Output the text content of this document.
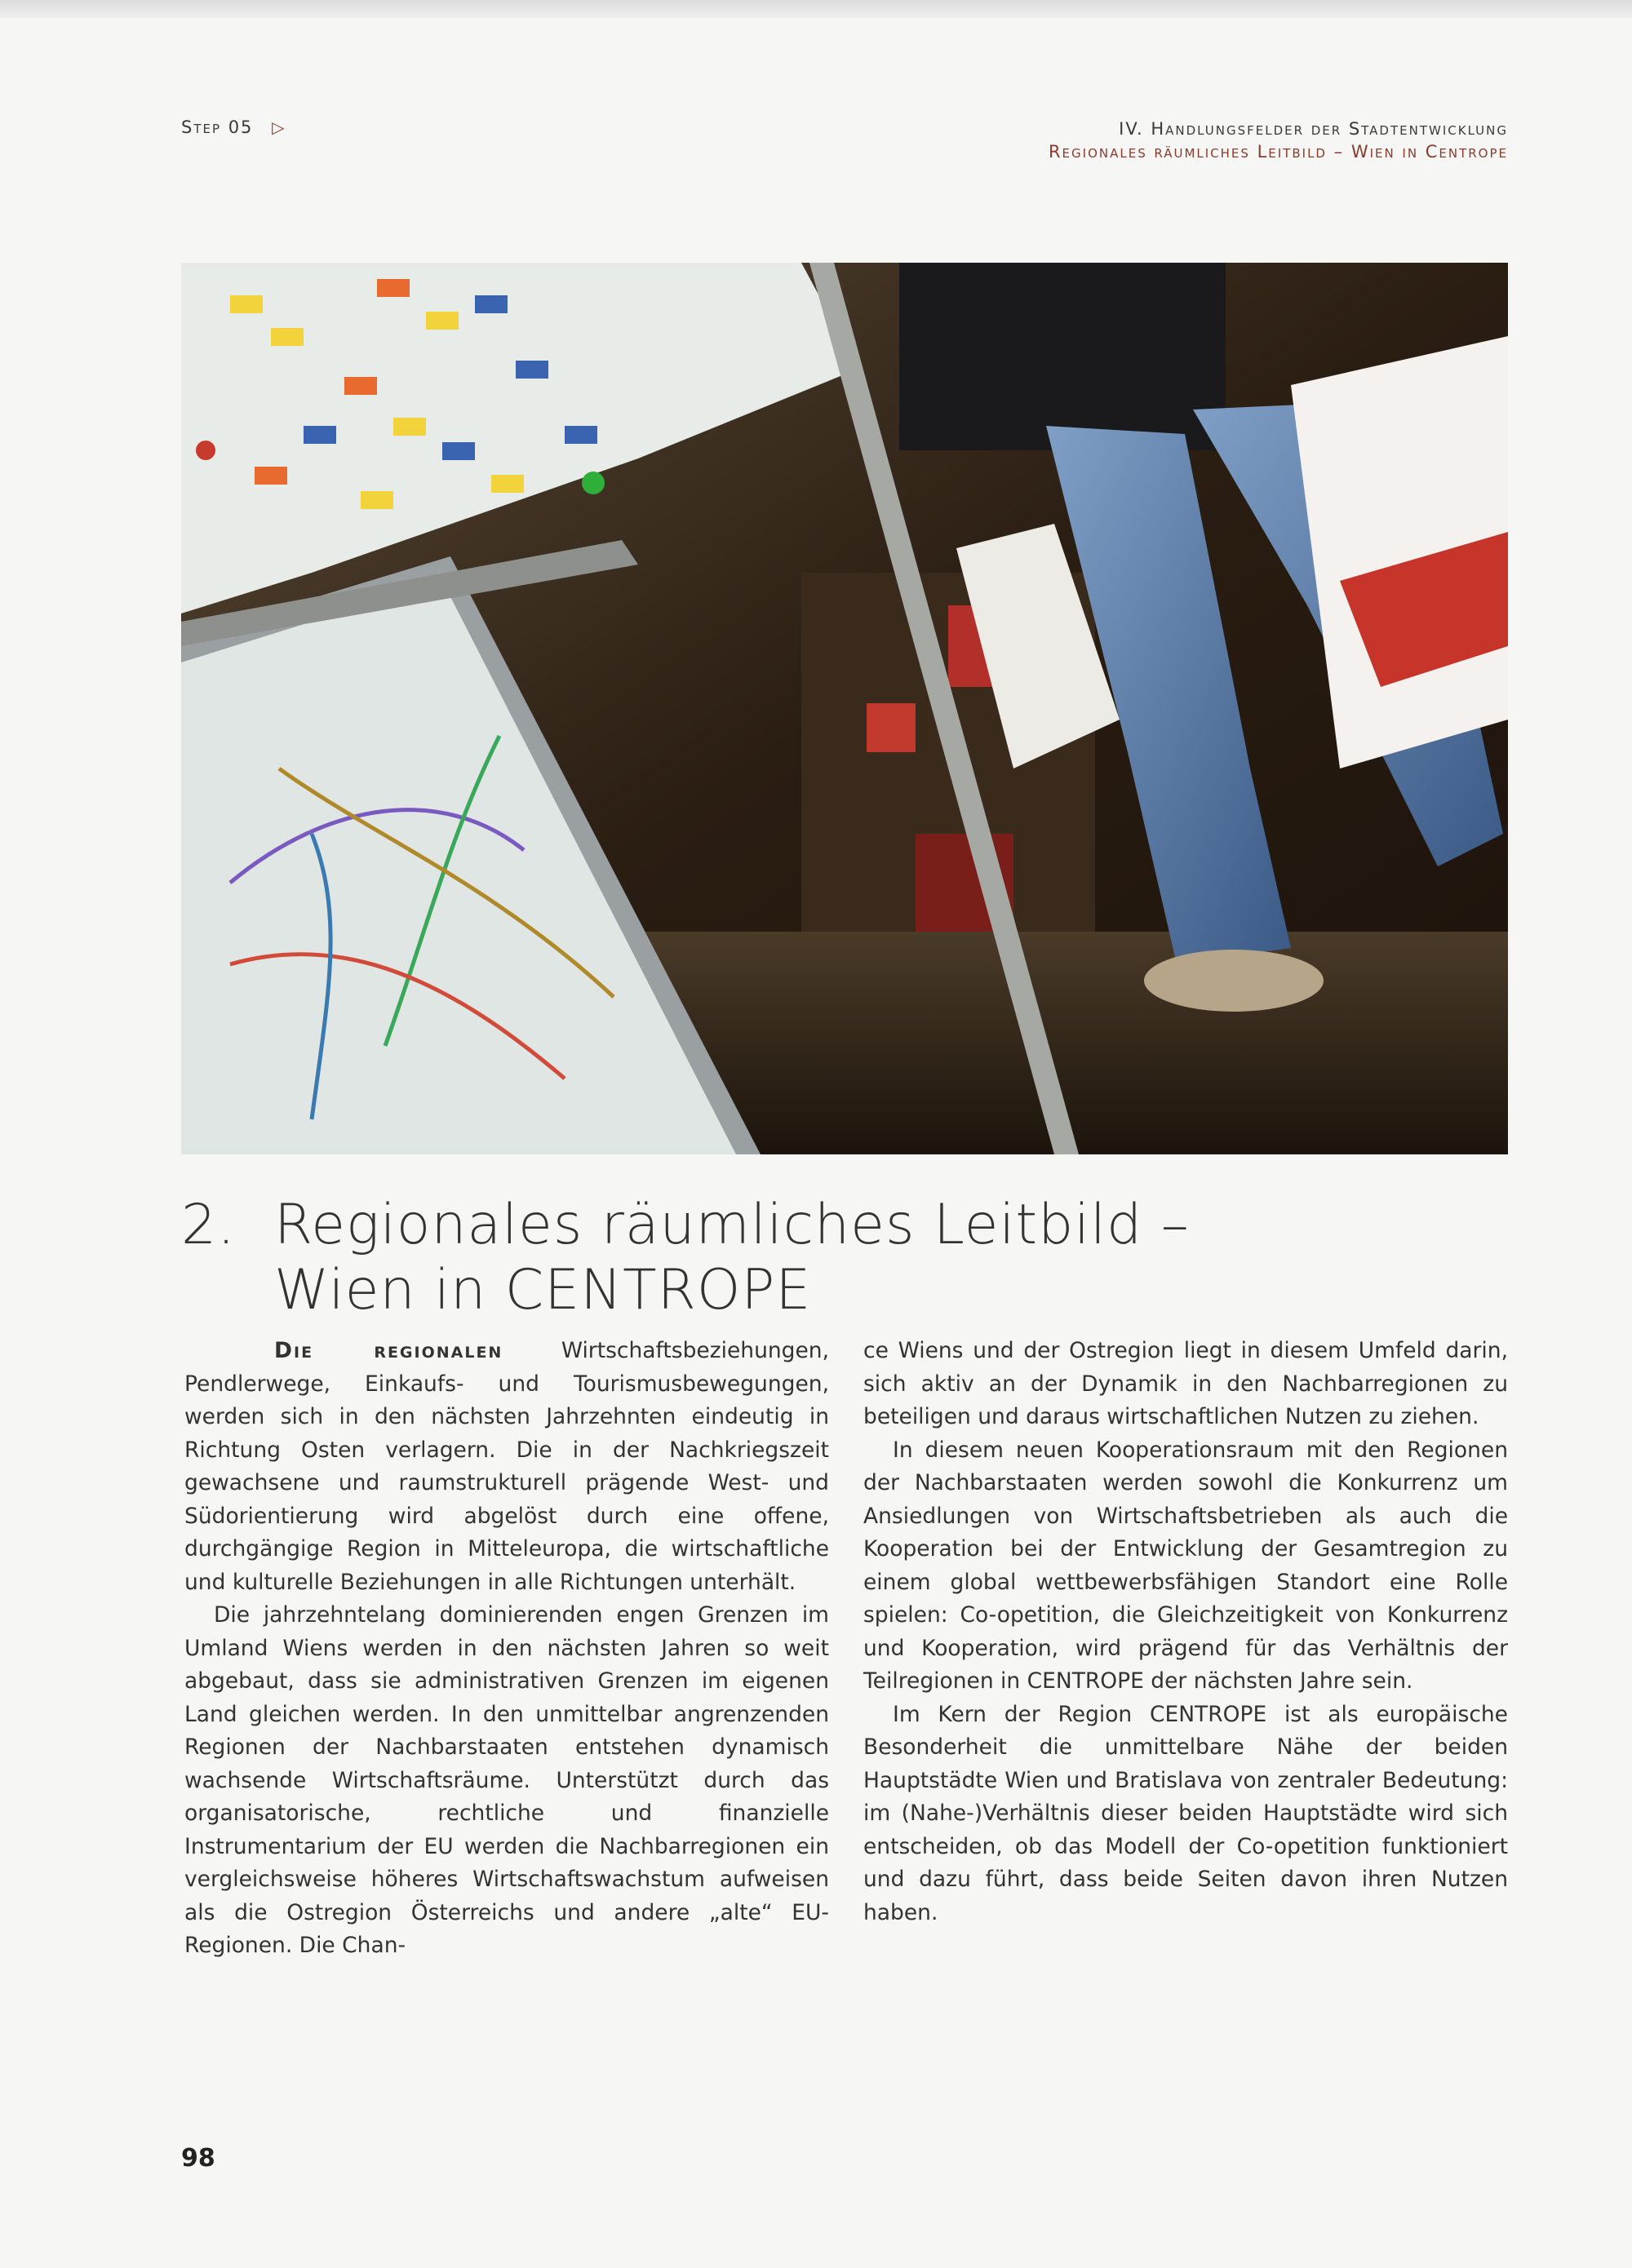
Step 05 ▷	IV. Handlungsfelder der Stadtentwicklung
Regionales räumliches Leitbild – Wien in Centrope
2. Regionales räumliches Leitbild –
Wien in CENTROPE

Die regionalen	Wirtschaftsbeziehungen, Pendlerwege, Einkaufs- und Tourismusbewegungen, werden sich in den nächsten Jahrzehnten eindeutig in Richtung Osten verlagern. Die in der Nachkriegszeit gewachsene und raumstrukturell prägende West- und Südorientierung wird abgelöst durch eine offene, durchgängige Region in Mitteleuropa, die wirtschaftliche und kulturelle Beziehungen in alle Richtungen unterhält.

Die jahrzehntelang dominierenden engen Grenzen im Umland Wiens werden in den nächsten Jahren so weit abgebaut, dass sie administrativen Grenzen im eigenen Land gleichen werden. In den unmittelbar angrenzenden Regionen der Nachbarstaaten entstehen dynamisch wachsende Wirtschaftsräume. Unterstützt durch das organisatorische, rechtliche und finanzielle Instrumentarium der EU werden die Nachbarregionen ein vergleichsweise höheres Wirtschaftswachstum aufweisen als die Ostregion Österreichs und andere „alte“ EU-Regionen. Die Chan-

ce Wiens und der Ostregion liegt in diesem Umfeld darin, sich aktiv an der Dynamik in den Nachbarregionen zu beteiligen und daraus wirtschaftlichen Nutzen zu ziehen.

In diesem neuen Kooperationsraum mit den Regionen der Nachbarstaaten werden sowohl die Konkurrenz um Ansiedlungen von Wirtschaftsbetrieben als auch die Kooperation bei der Entwicklung der Gesamtregion zu einem global wettbewerbsfähigen Standort eine Rolle spielen: Co-opetition, die Gleichzeitigkeit von Konkurrenz und Kooperation, wird prägend für das Verhältnis der Teilregionen in CENTROPE der nächsten Jahre sein.

Im Kern der Region CENTROPE ist als europäische Besonderheit die unmittelbare Nähe der beiden Hauptstädte Wien und Bratislava von zentraler Bedeutung: im (Nahe-)Verhältnis dieser beiden Hauptstädte wird sich entscheiden, ob das Modell der Co-opetition funktioniert und dazu führt, dass beide Seiten davon ihren Nutzen haben.

98
